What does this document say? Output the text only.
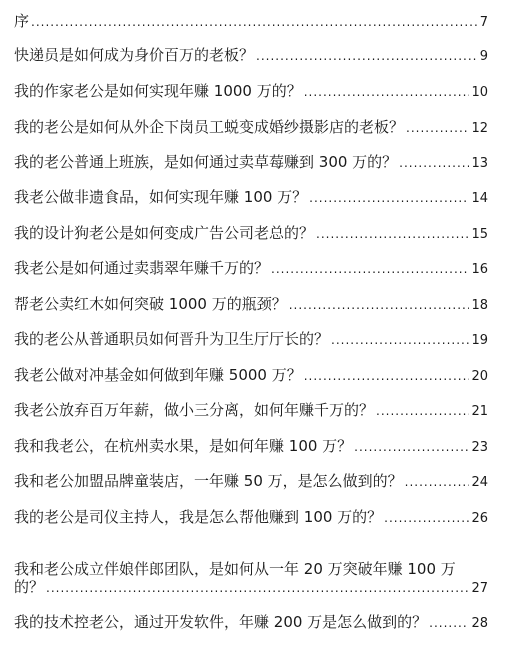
序 .....	7
快递员是如何成为身价百万的老板？ .....	9
我的作家老公是如何实现年赚 1000 万的？ .....	10
我的老公是如何从外企下岗员工蜕变成婚纱摄影店的老板？ .....	12
我的老公普通上班族，是如何通过卖草莓赚到 300 万的？ .....	13
我老公做非遗食品，如何实现年赚 100 万？ .....	14
我的设计狗老公是如何变成广告公司老总的？ .....	15
我老公是如何通过卖翡翠年赚千万的？ .....	16
帮老公卖红木如何突破 1000 万的瓶颈？ .....	18
我的老公从普通职员如何晋升为卫生厅厅长的？ .....	19
我老公做对冲基金如何做到年赚 5000 万？ .....	20
我老公放弃百万年薪，做小三分离，如何年赚千万的？ .....	21
我和我老公，在杭州卖水果，是如何年赚 100 万？ .....	23
我和老公加盟品牌童装店，一年赚 50 万，是怎么做到的？ .....	24
我的老公是司仪主持人，我是怎么帮他赚到 100 万的？ .....	26
我和老公成立伴娘伴郎团队，是如何从一年 20 万突破年赚 100 万
的？ .....	27
我的技术控老公，通过开发软件，年赚 200 万是怎么做到的？ .....	28
